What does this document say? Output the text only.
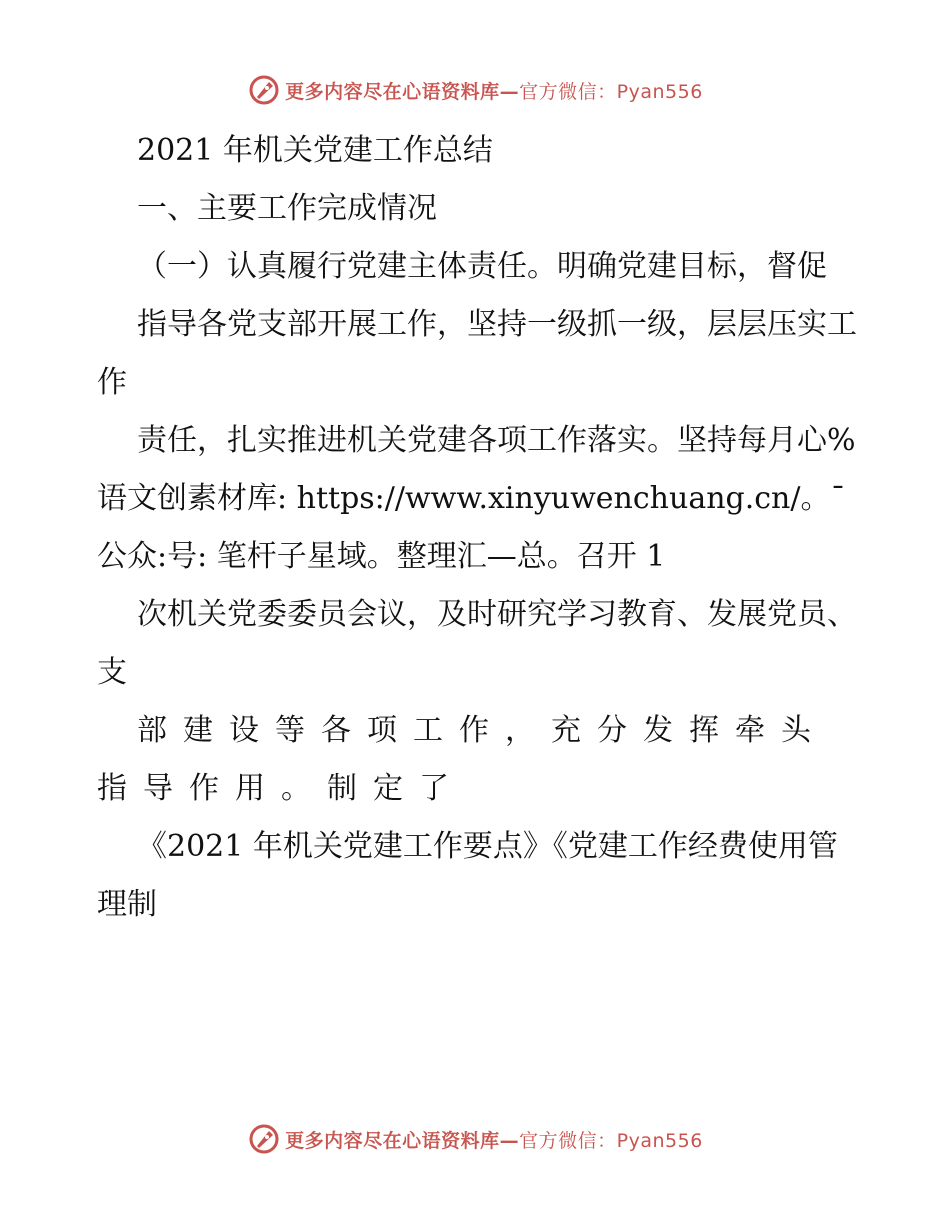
更多内容尽在心语资料库— 官方微信：Pyan556

2021 年机关党建工作总结

一、主要工作完成情况

（一）认真履行党建主体责任。明确党建目标，督促

指导各党支部开展工作，坚持一级抓一级，层层压实工作

责任，扎实推进机关党建各项工作落实。坚持每月心%语文创素材库: https://www.xinyuwenchuang.cn/。¯公众:号: 笔杆子星域。整理汇—总。召开 1

次机关党委委员会议，及时研究学习教育、发展党员、支

部建设等各项工作，充分发挥牵头指导作用。制定了

《2021 年机关党建工作要点》《党建工作经费使用管理制

更多内容尽在心语资料库— 官方微信：Pyan556
